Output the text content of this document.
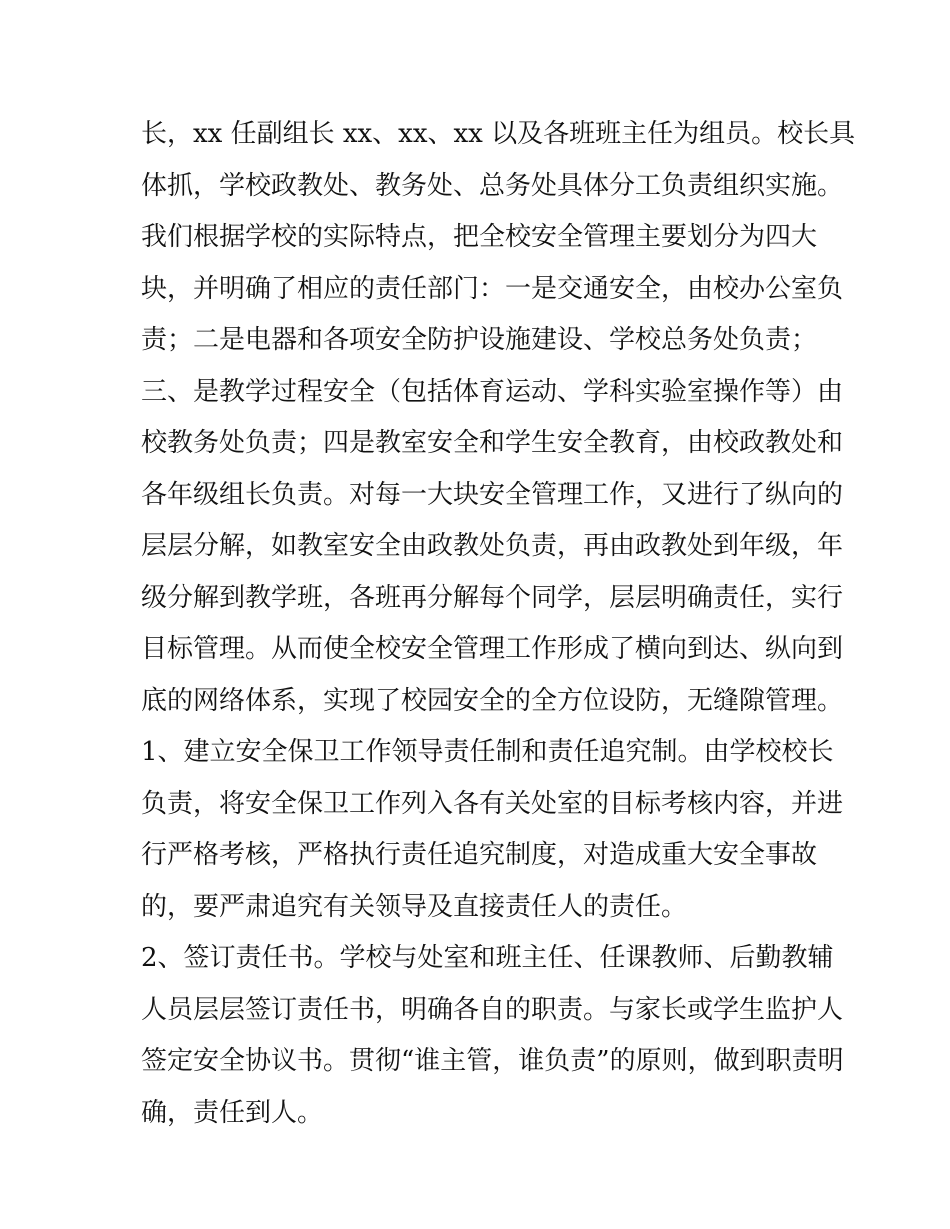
长，xx 任副组长 xx、xx、xx 以及各班班主任为组员。校长具
体抓，学校政教处、教务处、总务处具体分工负责组织实施。
我们根据学校的实际特点，把全校安全管理主要划分为四大
块，并明确了相应的责任部门：一是交通安全，由校办公室负
责；二是电器和各项安全防护设施建设、学校总务处负责；
三、是教学过程安全（包括体育运动、学科实验室操作等）由
校教务处负责；四是教室安全和学生安全教育，由校政教处和
各年级组长负责。对每一大块安全管理工作，又进行了纵向的
层层分解，如教室安全由政教处负责，再由政教处到年级，年
级分解到教学班，各班再分解每个同学，层层明确责任，实行
目标管理。从而使全校安全管理工作形成了横向到达、纵向到
底的网络体系，实现了校园安全的全方位设防，无缝隙管理。
1、建立安全保卫工作领导责任制和责任追究制。由学校校长
负责，将安全保卫工作列入各有关处室的目标考核内容，并进
行严格考核，严格执行责任追究制度，对造成重大安全事故
的，要严肃追究有关领导及直接责任人的责任。
2、签订责任书。学校与处室和班主任、任课教师、后勤教辅
人员层层签订责任书，明确各自的职责。与家长或学生监护人
签定安全协议书。贯彻“谁主管，谁负责”的原则，做到职责明
确，责任到人。
